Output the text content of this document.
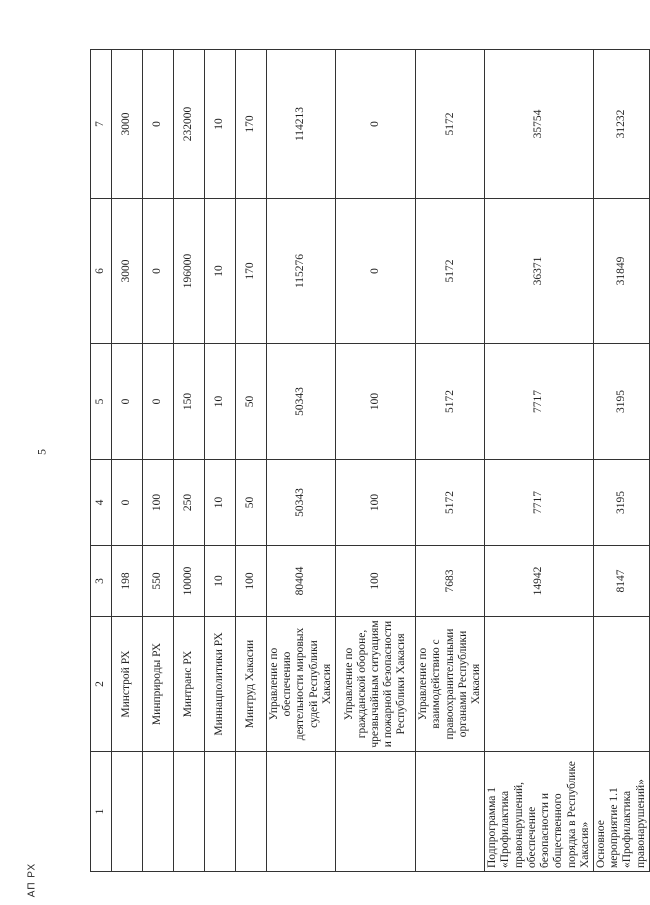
5
АП РХ
1	2	3	4	5	6	7
	Минстрой РХ	198	0	0	3000	3000
	Минприроды РХ	550	100	0	0	0
	Минтранс РХ	10000	250	150	196000	232000
	Миннацполитики РХ	10	10	10	10	10
	Минтруд Хакасии	100	50	50	170	170
	Управление по обеспечению деятельности мировых судей Республики Хакасия	80404	50343	50343	115276	114213
	Управление по гражданской обороне, чрезвычайным ситуациям и пожарной безопасности Республики Хакасия	100	100	100	0	0
	Управление по взаимодействию с правоохранительными органами Республики Хакасия	7683	5172	5172	5172	5172
Подпрограмма 1 «Профилактика правонарушений, обеспечение безопасности и общественного порядка в Республике Хакасия»		14942	7717	7717	36371	35754
Основное мероприятие 1.1 «Профилактика правонарушений»		8147	3195	3195	31849	31232
